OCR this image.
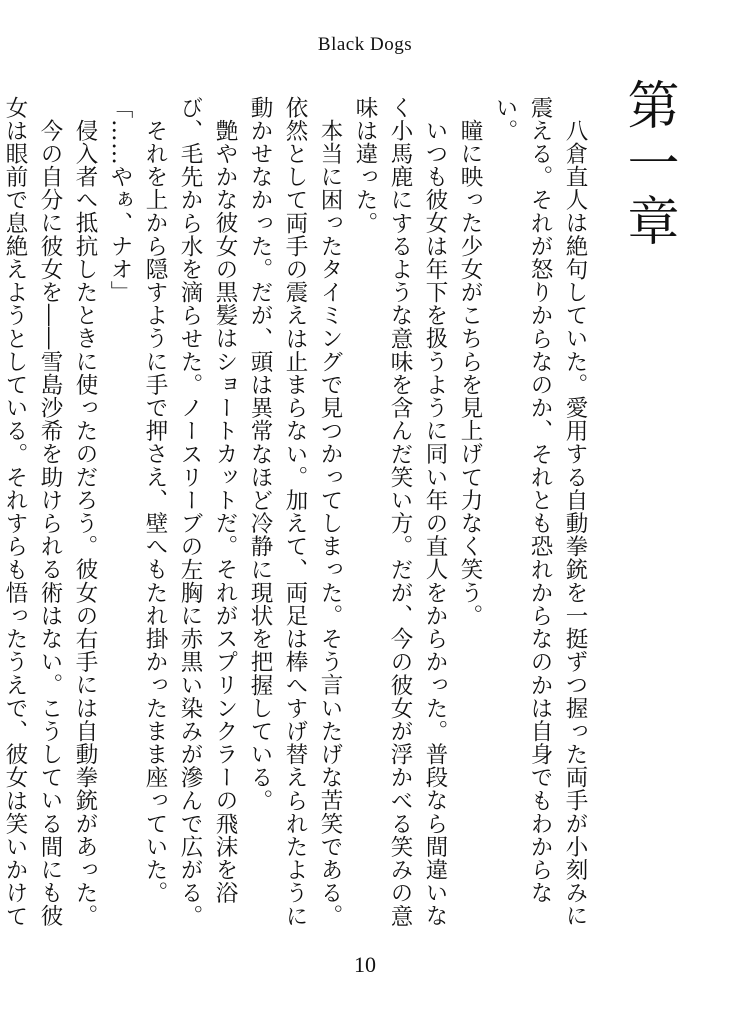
Black Dogs
第一章

八倉直人は絶句していた。愛用する自動拳銃を一挺ずつ握った両手が小刻みに震える。それが怒りからなのか、それとも恐れからなのかは自身でもわからない。

瞳に映った少女がこちらを見上げて力なく笑う。

いつも彼女は年下を扱うように同い年の直人をからかった。普段なら間違いなく小馬鹿にするような意味を含んだ笑い方。だが、今の彼女が浮かべる笑みの意味は違った。

本当に困ったタイミングで見つかってしまった。そう言いたげな苦笑である。

依然として両手の震えは止まらない。加えて、両足は棒へすげ替えられたように動かせなかった。だが、頭は異常なほど冷静に現状を把握している。

艶やかな彼女の黒髪はショートカットだ。それがスプリンクラーの飛沫を浴び、毛先から水を滴らせた。ノースリーブの左胸に赤黒い染みが滲んで広がる。

それを上から隠すように手で押さえ、壁へもたれ掛かったまま座っていた。

「……やぁ、ナオ」

侵入者へ抵抗したときに使ったのだろう。彼女の右手には自動拳銃があった。

今の自分に彼女を――雪島沙希を助けられる術はない。こうしている間にも彼女は眼前で息絶えようとしている。それすらも悟ったうえで、彼女は笑いかけて

10
